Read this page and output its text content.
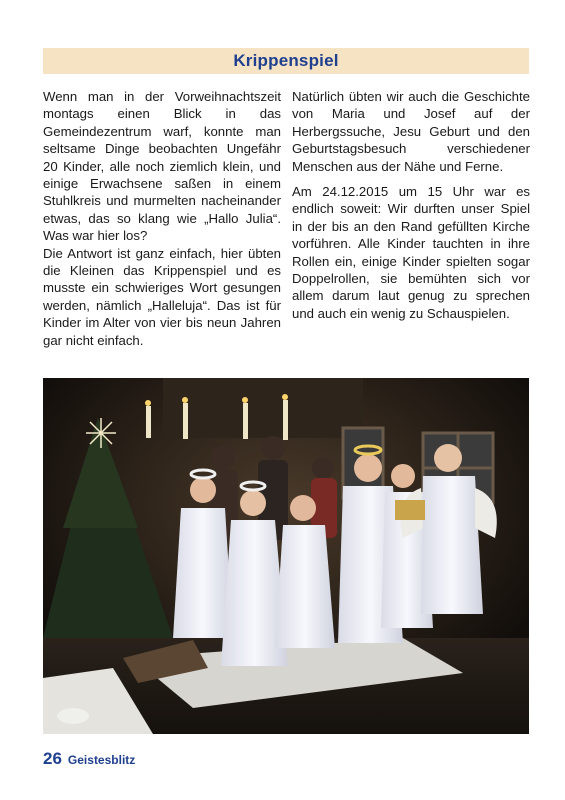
Krippenspiel

Wenn man in der Vorweihnachtszeit montags einen Blick in das Gemeindezentrum warf, konnte man seltsame Dinge beobachten Ungefähr 20 Kinder, alle noch ziemlich klein, und einige Erwachsene saßen in einem Stuhlkreis und murmelten nacheinander etwas, das so klang wie „Hallo Julia“. Was war hier los?

Die Antwort ist ganz einfach, hier übten die Kleinen das Krippenspiel und es musste ein schwieriges Wort gesungen werden, nämlich „Halleluja“. Das ist für Kinder im Alter von vier bis neun Jahren gar nicht einfach.

Natürlich übten wir auch die Geschichte von Maria und Josef auf der Herbergssuche, Jesu Geburt und den Geburtstagsbesuch verschiedener Menschen aus der Nähe und Ferne.

Am 24.12.2015 um 15 Uhr war es endlich soweit: Wir durften unser Spiel in der bis an den Rand gefüllten Kirche vorführen. Alle Kinder tauchten in ihre Rollen ein, einige Kinder spielten sogar Doppelrollen, sie bemühten sich vor allem darum laut genug zu sprechen und auch ein wenig zu Schauspielen.

26 Geistesblitz
